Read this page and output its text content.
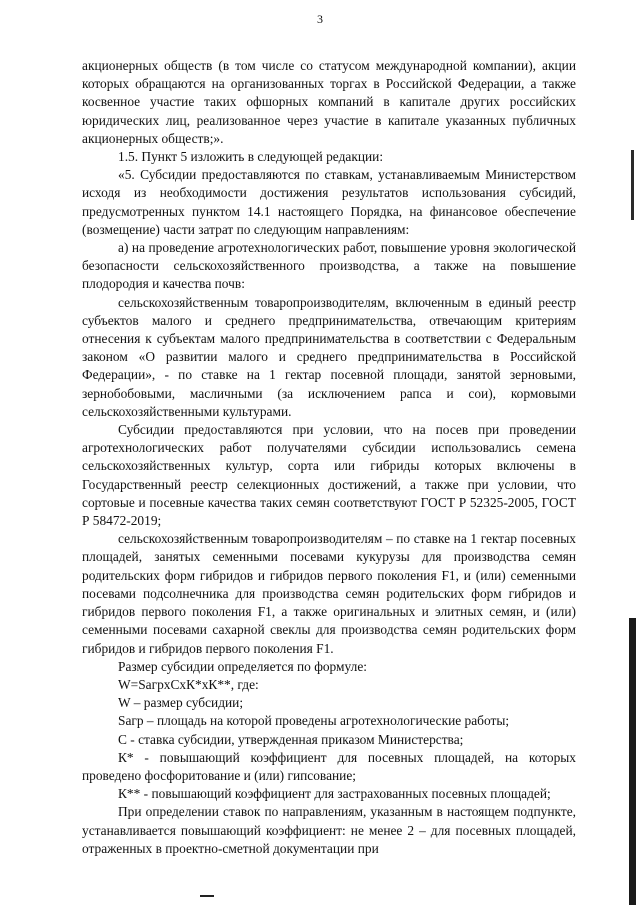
3

акционерных обществ (в том числе со статусом международной компании), акции которых обращаются на организованных торгах в Российской Федерации, а также косвенное участие таких офшорных компаний в капитале других российских юридических лиц, реализованное через участие в капитале указанных публичных акционерных обществ;».

1.5. Пункт 5 изложить в следующей редакции:

«5. Субсидии предоставляются по ставкам, устанавливаемым Министерством исходя из необходимости достижения результатов использования субсидий, предусмотренных пунктом 14.1 настоящего Порядка, на финансовое обеспечение (возмещение) части затрат по следующим направлениям:

а) на проведение агротехнологических работ, повышение уровня экологической безопасности сельскохозяйственного производства, а также на повышение плодородия и качества почв:

сельскохозяйственным товаропроизводителям, включенным в единый реестр субъектов малого и среднего предпринимательства, отвечающим критериям отнесения к субъектам малого предпринимательства в соответствии с Федеральным законом «О развитии малого и среднего предпринимательства в Российской Федерации», - по ставке на 1 гектар посевной площади, занятой зерновыми, зернобобовыми, масличными (за исключением рапса и сои), кормовыми сельскохозяйственными культурами.

Субсидии предоставляются при условии, что на посев при проведении агротехнологических работ получателями субсидии использовались семена сельскохозяйственных культур, сорта или гибриды которых включены в Государственный реестр селекционных достижений, а также при условии, что сортовые и посевные качества таких семян соответствуют ГОСТ Р 52325-2005, ГОСТ Р 58472-2019;

сельскохозяйственным товаропроизводителям – по ставке на 1 гектар посевных площадей, занятых семенными посевами кукурузы для производства семян родительских форм гибридов и гибридов первого поколения F1, и (или) семенными посевами подсолнечника для производства семян родительских форм гибридов и гибридов первого поколения F1, а также оригинальных и элитных семян, и (или) семенными посевами сахарной свеклы для производства семян родительских форм гибридов и гибридов первого поколения F1.

Размер субсидии определяется по формуле:

W=SагрхСхК*хК**, где:

W – размер субсидии;

Sагр – площадь на которой проведены агротехнологические работы;

С - ставка субсидии, утвержденная приказом Министерства;

К* - повышающий коэффициент для посевных площадей, на которых проведено фосфоритование и (или) гипсование;

К** - повышающий коэффициент для застрахованных посевных площадей;

При определении ставок по направлениям, указанным в настоящем подпункте, устанавливается повышающий коэффициент: не менее 2 – для посевных площадей, отраженных в проектно-сметной документации при
